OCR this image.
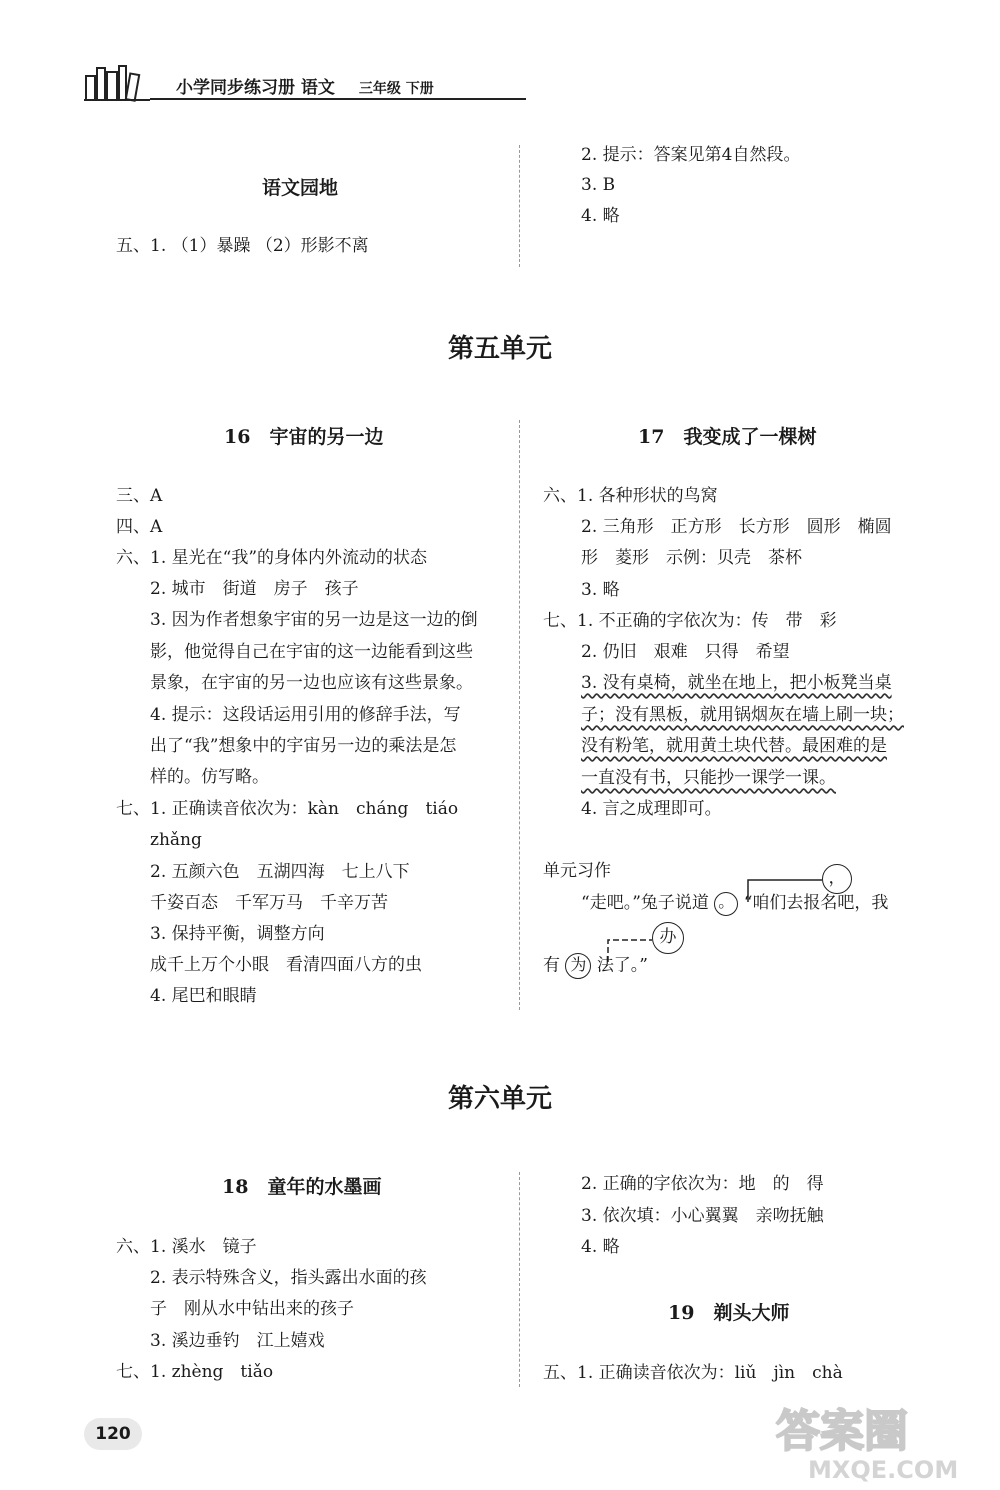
小学同步练习册 语文 三年级 下册
语文园地
五、1. （1）暴躁 （2）形影不离
2. 提示：答案见第4自然段。
3. B
4. 略
第五单元
16　宇宙的另一边
三、A
四、A
六、1. 星光在“我”的身体内外流动的状态
2. 城市　街道　房子　孩子
3. 因为作者想象宇宙的另一边是这一边的倒
影，他觉得自己在宇宙的这一边能看到这些
景象，在宇宙的另一边也应该有这些景象。
4. 提示：这段话运用引用的修辞手法，写
出了“我”想象中的宇宙另一边的乘法是怎
样的。仿写略。
七、1. 正确读音依次为：kàn　cháng　tiáo
zhǎng
2. 五颜六色　五湖四海　七上八下
千姿百态　千军万马　千辛万苦
3. 保持平衡，调整方向
成千上万个小眼　看清四面八方的虫
4. 尾巴和眼睛
17　我变成了一棵树
六、1. 各种形状的鸟窝
2. 三角形　正方形　长方形　圆形　椭圆
形　菱形　示例：贝壳　茶杯
3. 略
七、1. 不正确的字依次为：传　带　彩
2. 仍旧　艰难　只得　希望
3. 没有桌椅，就坐在地上，把小板凳当桌
子；没有黑板，就用锅烟灰在墙上刷一块；
没有粉笔，就用黄土块代替。最困难的是
一直没有书，只能抄一课学一课。
4. 言之成理即可。
单元习作	，
办
“走吧。”兔子说道 。 “咱们去报名吧，我
有 为 法了。”
第六单元
18　童年的水墨画
六、1. 溪水　镜子
2. 表示特殊含义，指头露出水面的孩
子　刚从水中钻出来的孩子
3. 溪边垂钓　江上嬉戏
七、1. zhèng　tiǎo
2. 正确的字依次为：地　的　得
3. 依次填：小心翼翼　亲吻抚触
4. 略
19　剃头大师
五、1. 正确读音依次为：liǔ　jìn　chà
120	答案圈
MXQE.COM
